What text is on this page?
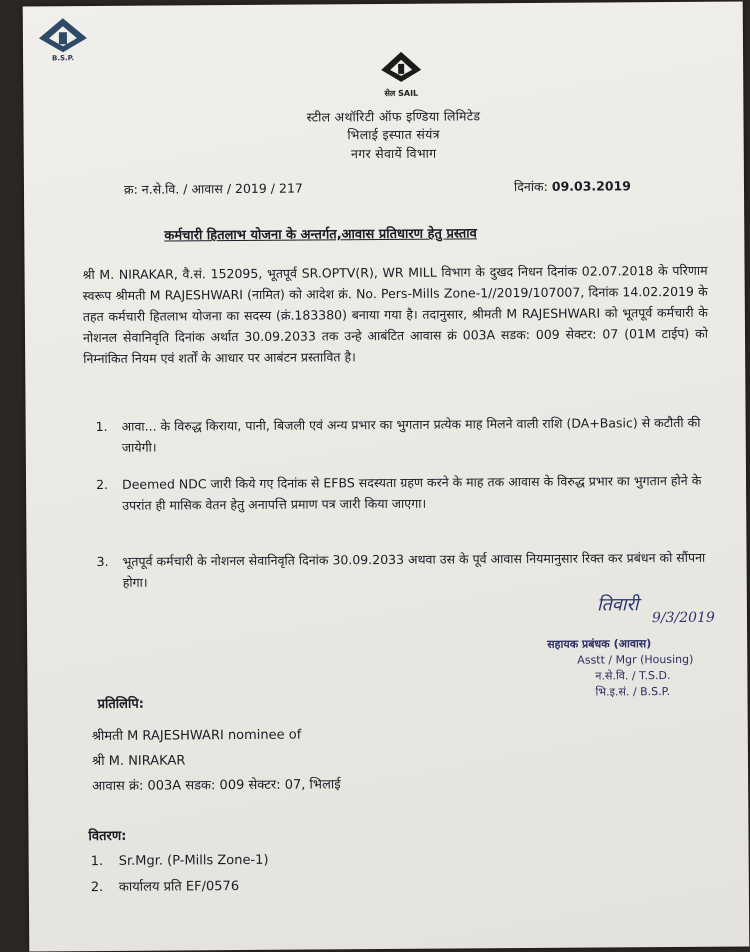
B.S.P.
सेल SAIL
स्टील अथॉरिटी ऑफ इण्डिया लिमिटेड
भिलाई इस्पात संयंत्र
नगर सेवायें विभाग
क्र: न.से.वि. / आवास / 2019 / 217	दिनांक: 09.03.2019
कर्मचारी हितलाभ योजना के अन्तर्गत,आवास प्रतिधारण हेतु प्रस्ताव
श्री M. NIRAKAR, वै.सं. 152095, भूतपूर्व SR.OPTV(R), WR MILL विभाग के दुखद निधन दिनांक 02.07.2018 के परिणाम स्वरूप श्रीमती M RAJESHWARI (नामित) को आदेश क्रं. No. Pers-Mills Zone-1//2019/107007, दिनांक 14.02.2019 के तहत कर्मचारी हितलाभ योजना का सदस्य (क्रं.183380) बनाया गया है। तदानुसार, श्रीमती M RAJESHWARI को भूतपूर्व कर्मचारी के नोशनल सेवानिवृति दिनांक अर्थात 30.09.2033 तक उन्हे आबंटित आवास क्रं 003A सडक: 009 सेक्टर: 07 (01M टाईप) को निम्नांकित नियम एवं शर्तों के आधार पर आबंटन प्रस्तावित है।
1. आवा... के विरुद्ध किराया, पानी, बिजली एवं अन्य प्रभार का भुगतान प्रत्येक माह मिलने वाली राशि (DA+Basic) से कटौती की जायेगी।
2. Deemed NDC जारी किये गए दिनांक से EFBS सदस्यता ग्रहण करने के माह तक आवास के विरुद्ध प्रभार का भुगतान होने के उपरांत ही मासिक वेतन हेतु अनापत्ति प्रमाण पत्र जारी किया जाएगा।
3. भूतपूर्व कर्मचारी के नोशनल सेवानिवृति दिनांक 30.09.2033 अथवा उस के पूर्व आवास नियमानुसार रिक्त कर प्रबंधन को सौंपना होगा।
तिवारी
9/3/2019
सहायक प्रबंधक (आवास)
Asstt / Mgr (Housing)
न.से.वि. / T.S.D.
भि.इ.सं. / B.S.P.
प्रतिलिपि:
श्रीमती M RAJESHWARI nominee of
श्री M. NIRAKAR
आवास क्रं: 003A सडक: 009 सेक्टर: 07, भिलाई
वितरण:
1. Sr.Mgr. (P-Mills Zone-1)
2. कार्यालय प्रति EF/0576
